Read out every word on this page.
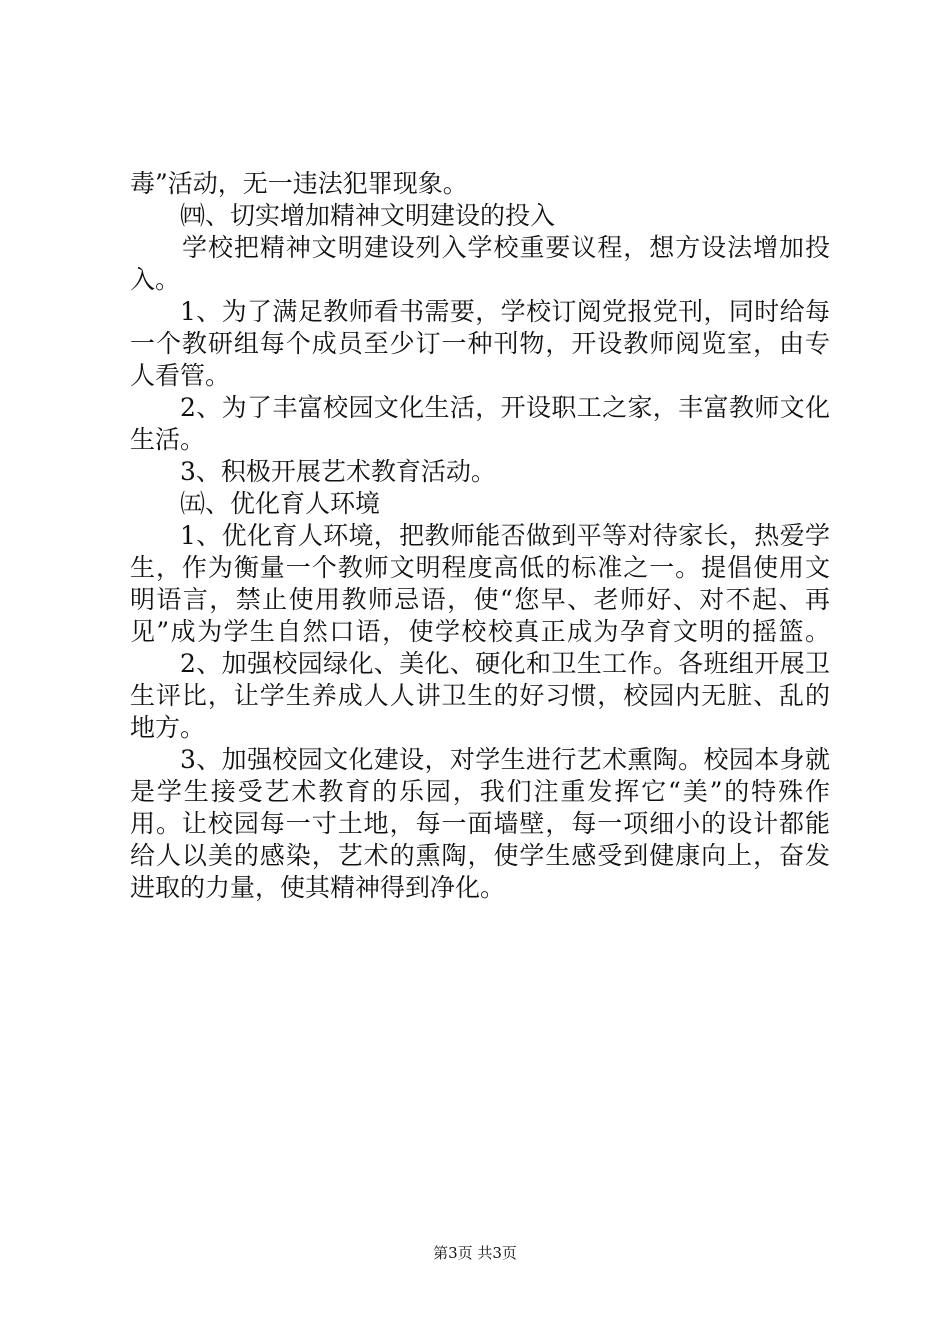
毒”活动，无一违法犯罪现象。
㈣、切实增加精神文明建设的投入
学校把精神文明建设列入学校重要议程，想方设法增加投
入。
1、为了满足教师看书需要，学校订阅党报党刊，同时给每
一个教研组每个成员至少订一种刊物，开设教师阅览室，由专
人看管。
2、为了丰富校园文化生活，开设职工之家，丰富教师文化
生活。
3、积极开展艺术教育活动。
㈤、优化育人环境
1、优化育人环境，把教师能否做到平等对待家长，热爱学
生，作为衡量一个教师文明程度高低的标准之一。提倡使用文
明语言，禁止使用教师忌语，使“您早、老师好、对不起、再
见”成为学生自然口语，使学校校真正成为孕育文明的摇篮。
2、加强校园绿化、美化、硬化和卫生工作。各班组开展卫
生评比，让学生养成人人讲卫生的好习惯，校园内无脏、乱的
地方。
3、加强校园文化建设，对学生进行艺术熏陶。校园本身就
是学生接受艺术教育的乐园，我们注重发挥它“美”的特殊作
用。让校园每一寸土地，每一面墙壁，每一项细小的设计都能
给人以美的感染，艺术的熏陶，使学生感受到健康向上，奋发
进取的力量，使其精神得到净化。
第3页 共3页
